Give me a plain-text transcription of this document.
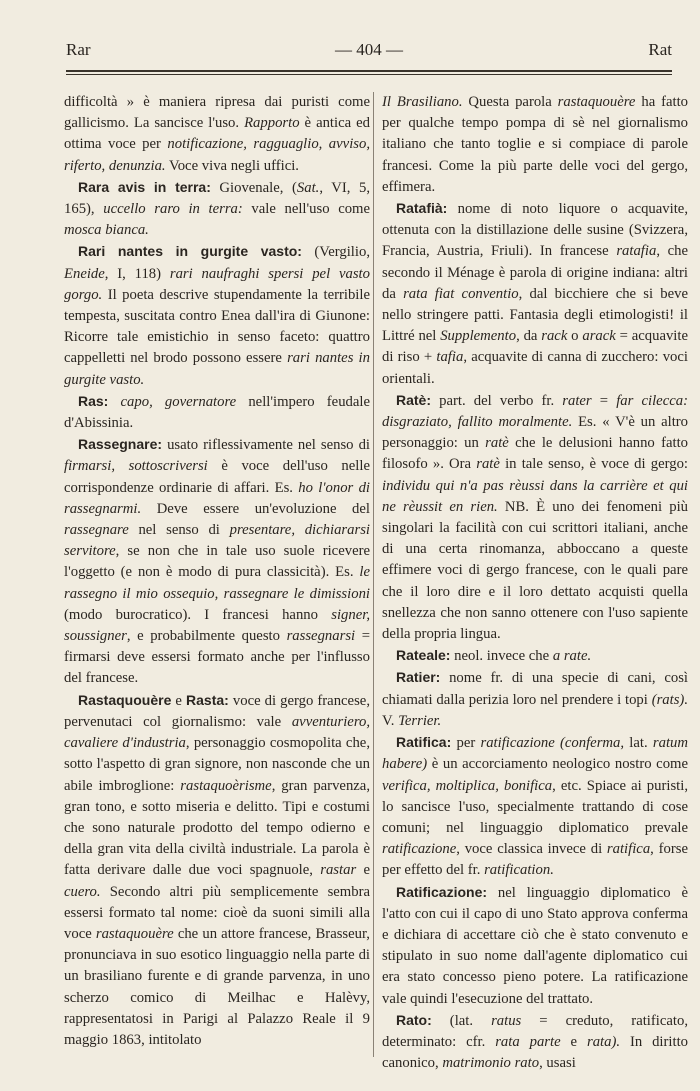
Rar	— 404 —	Rat

difficoltà » è maniera ripresa dai puristi come gallicismo. La sancisce l'uso. Rapporto è antica ed ottima voce per notificazione, ragguaglio, avviso, riferto, denunzia. Voce viva negli uffici.

Rara avis in terra: Giovenale, (Sat., VI, 5, 165), uccello raro in terra: vale nell'uso come mosca bianca.

Rari nantes in gurgite vasto: (Vergilio, Eneide, I, 118) rari naufraghi spersi pel vasto gorgo. Il poeta descrive stupendamente la terribile tempesta, suscitata contro Enea dall'ira di Giunone: Ricorre tale emistichio in senso faceto: quattro cappelletti nel brodo possono essere rari nantes in gurgite vasto.

Ras: capo, governatore nell'impero feudale d'Abissinia.

Rassegnare: usato riflessivamente nel senso di firmarsi, sottoscriversi è voce dell'uso nelle corrispondenze ordinarie di affari. Es. ho l'onor di rassegnarmi. Deve essere un'evoluzione del rassegnare nel senso di presentare, dichiararsi servitore, se non che in tale uso suole ricevere l'oggetto (e non è modo di pura classicità). Es. le rassegno il mio ossequio, rassegnare le dimissioni (modo burocratico). I francesi hanno signer, soussigner, e probabilmente questo rassegnarsi = firmarsi deve essersi formato anche per l'influsso del francese.

Rastaquouère e Rasta: voce di gergo francese, pervenutaci col giornalismo: vale avventuriero, cavaliere d'industria, personaggio cosmopolita che, sotto l'aspetto di gran signore, non nasconde che un abile imbroglione: rastaquoèrisme, gran parvenza, gran tono, e sotto miseria e delitto. Tipi e costumi che sono naturale prodotto del tempo odierno e della gran vita della civiltà industriale. La parola è fatta derivare dalle due voci spagnuole, rastar e cuero. Secondo altri più semplicemente sembra essersi formato tal nome: cioè da suoni simili alla voce rastaquouère che un attore francese, Brasseur, pronunciava in suo esotico linguaggio nella parte di un brasiliano furente e di grande parvenza, in uno scherzo comico di Meilhac e Halèvy, rappresentatosi in Parigi al Palazzo Reale il 9 maggio 1863, intitolato

Il Brasiliano. Questa parola rastaquouère ha fatto per qualche tempo pompa di sè nel giornalismo italiano che tanto toglie e si compiace di parole francesi. Come la più parte delle voci del gergo, effimera.

Ratafià: nome di noto liquore o acquavite, ottenuta con la distillazione delle susine (Svizzera, Francia, Austria, Friuli). In francese ratafia, che secondo il Ménage è parola di origine indiana: altri da rata fiat conventio, dal bicchiere che si beve nello stringere patti. Fantasia degli etimologisti! il Littré nel Supplemento, da rack o arack = acquavite di riso + tafia, acquavite di canna di zucchero: voci orientali.

Ratè: part. del verbo fr. rater = far cilecca: disgraziato, fallito moralmente. Es. « V'è un altro personaggio: un ratè che le delusioni hanno fatto filosofo ». Ora ratè in tale senso, è voce di gergo: individu qui n'a pas rèussi dans la carrière et qui ne rèussit en rien. NB. È uno dei fenomeni più singolari la facilità con cui scrittori italiani, anche di una certa rinomanza, abboccano a queste effimere voci di gergo francese, con le quali pare che il loro dire e il loro dettato acquisti quella snellezza che non sanno ottenere con l'uso sapiente della propria lingua.

Rateale: neol. invece che a rate.

Ratier: nome fr. di una specie di cani, così chiamati dalla perizia loro nel prendere i topi (rats). V. Terrier.

Ratifica: per ratificazione (conferma, lat. ratum habere) è un accorciamento neologico nostro come verifica, moltiplica, bonifica, etc. Spiace ai puristi, lo sancisce l'uso, specialmente trattando di cose comuni; nel linguaggio diplomatico prevale ratificazione, voce classica invece di ratifica, forse per effetto del fr. ratification.

Ratificazione: nel linguaggio diplomatico è l'atto con cui il capo di uno Stato approva conferma e dichiara di accettare ciò che è stato convenuto e stipulato in suo nome dall'agente diplomatico cui era stato concesso pieno potere. La ratificazione vale quindi l'esecuzione del trattato.

Rato: (lat. ratus = creduto, ratificato, determinato: cfr. rata parte e rata). In diritto canonico, matrimonio rato, usasi
